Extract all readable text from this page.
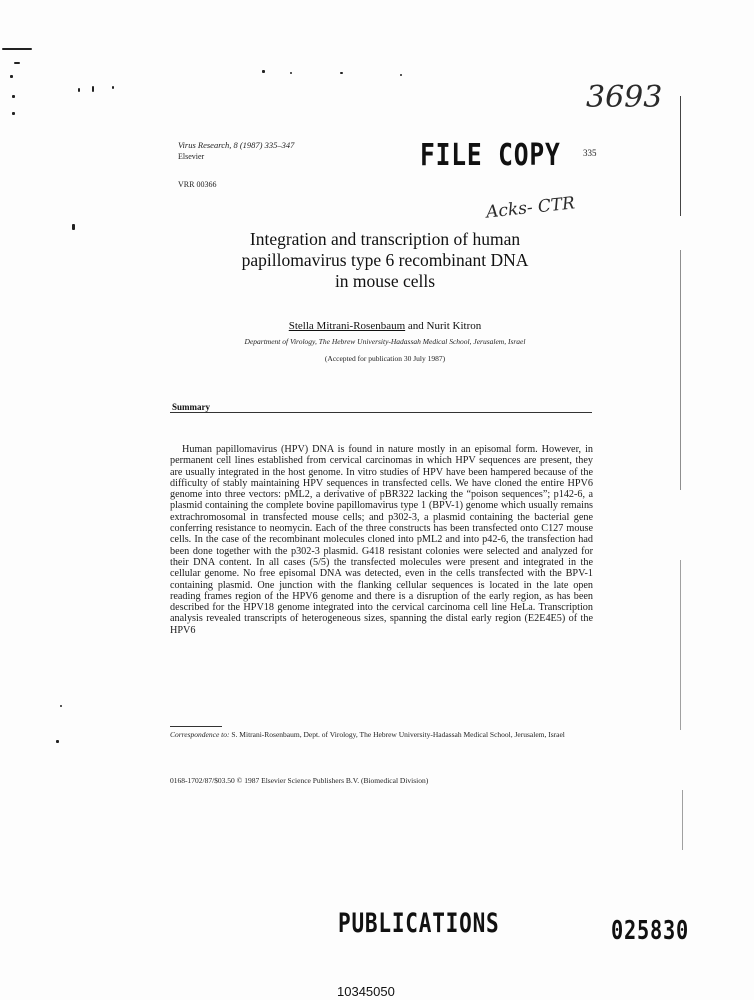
3693
Acks- CTR
FILE COPY
Virus Research, 8 (1987) 335–347
Elsevier	335
VRR 00366
Integration and transcription of human
papillomavirus type 6 recombinant DNA
in mouse cells
Stella Mitrani-Rosenbaum and Nurit Kitron
Department of Virology, The Hebrew University-Hadassah Medical School, Jerusalem, Israel
(Accepted for publication 30 July 1987)
Summary
Human papillomavirus (HPV) DNA is found in nature mostly in an episomal form. However, in permanent cell lines established from cervical carcinomas in which HPV sequences are present, they are usually integrated in the host genome. In vitro studies of HPV have been hampered because of the difficulty of stably maintaining HPV sequences in transfected cells. We have cloned the entire HPV6 genome into three vectors: pML2, a derivative of pBR322 lacking the “poison sequences”; p142-6, a plasmid containing the complete bovine papillomavirus type 1 (BPV-1) genome which usually remains extrachromosomal in transfected mouse cells; and p302-3, a plasmid containing the bacterial gene conferring resistance to neomycin. Each of the three constructs has been transfected onto C127 mouse cells. In the case of the recombinant molecules cloned into pML2 and into p42-6, the transfection had been done together with the p302-3 plasmid. G418 resistant colonies were selected and analyzed for their DNA content. In all cases (5/5) the transfected molecules were present and integrated in the cellular genome. No free episomal DNA was detected, even in the cells transfected with the BPV-1 containing plasmid. One junction with the flanking cellular sequences is located in the late open reading frames region of the HPV6 genome and there is a disruption of the early region, as has been described for the HPV18 genome integrated into the cervical carcinoma cell line HeLa. Transcription analysis revealed transcripts of heterogeneous sizes, spanning the distal early region (E2E4E5) of the HPV6
Correspondence to: S. Mitrani-Rosenbaum, Dept. of Virology, The Hebrew University-Hadassah Medical School, Jerusalem, Israel
0168-1702/87/$03.50 © 1987 Elsevier Science Publishers B.V. (Biomedical Division)
PUBLICATIONS	025830
10345050
